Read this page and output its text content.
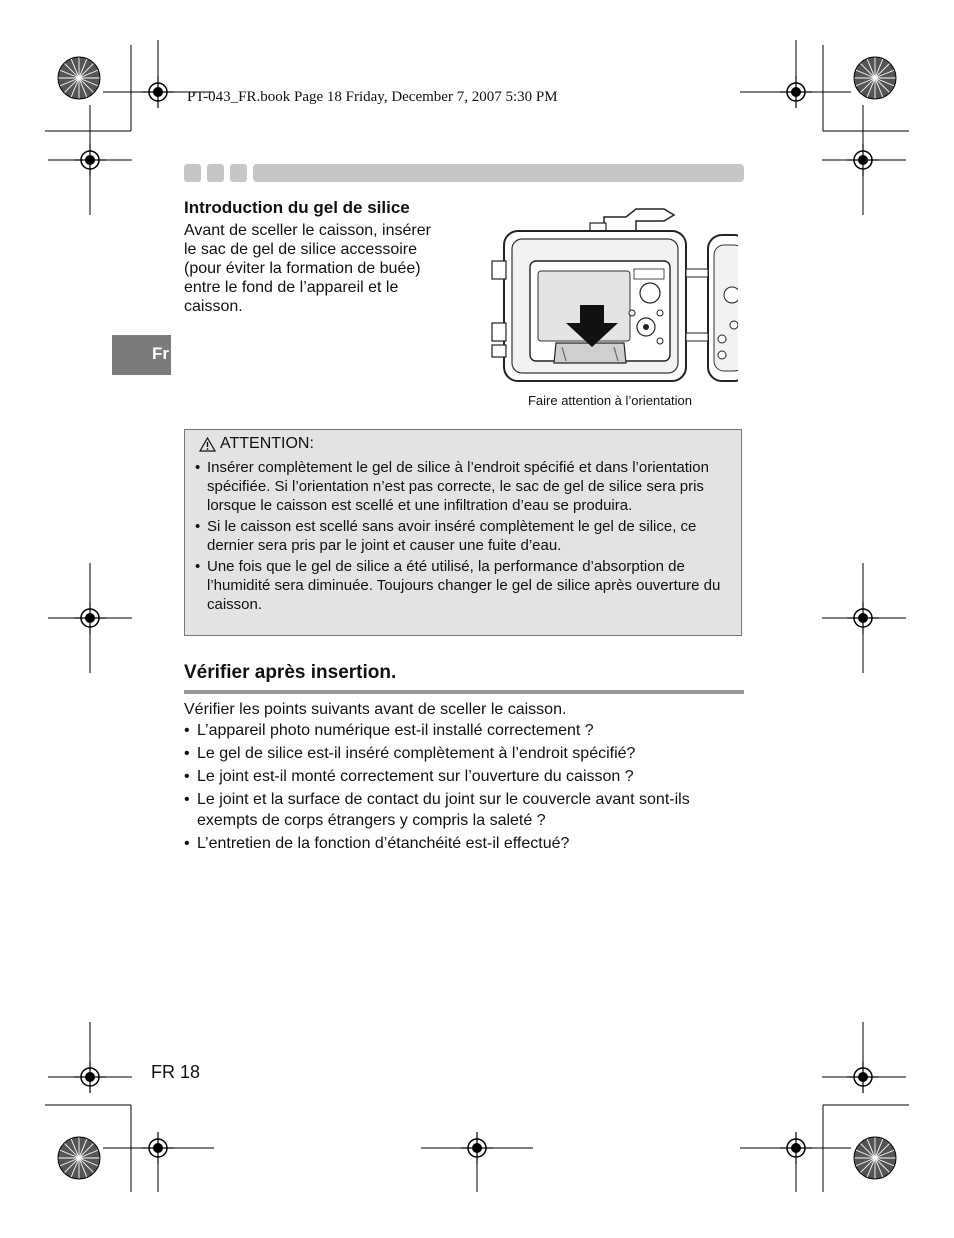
PT-043_FR.book Page 18 Friday, December 7, 2007 5:30 PM
Fr
Introduction du gel de silice
Avant de sceller le caisson, insérer
le sac de gel de silice accessoire
(pour éviter la formation de buée)
entre le fond de l’appareil et le
caisson.
Faire attention à l’orientation
ATTENTION:
• Insérer complètement le gel de silice à l’endroit spécifié et dans l’orientation spécifiée. Si l’orientation n’est pas correcte, le sac de gel de silice sera pris lorsque le caisson est scellé et une infiltration d’eau se produira.
• Si le caisson est scellé sans avoir inséré complètement le gel de silice, ce dernier sera pris par le joint et causer une fuite d’eau.
• Une fois que le gel de silice a été utilisé, la performance d’absorption de l’humidité sera diminuée. Toujours changer le gel de silice après ouverture du caisson.
Vérifier après insertion.
Vérifier les points suivants avant de sceller le caisson.
• L’appareil photo numérique est-il installé correctement ?
• Le gel de silice est-il inséré complètement à l’endroit spécifié?
• Le joint est-il monté correctement sur l’ouverture du caisson ?
• Le joint et la surface de contact du joint sur le couvercle avant sont-ils exempts de corps étrangers y compris la saleté ?
• L’entretien de la fonction d’étanchéité est-il effectué?
FR 18
